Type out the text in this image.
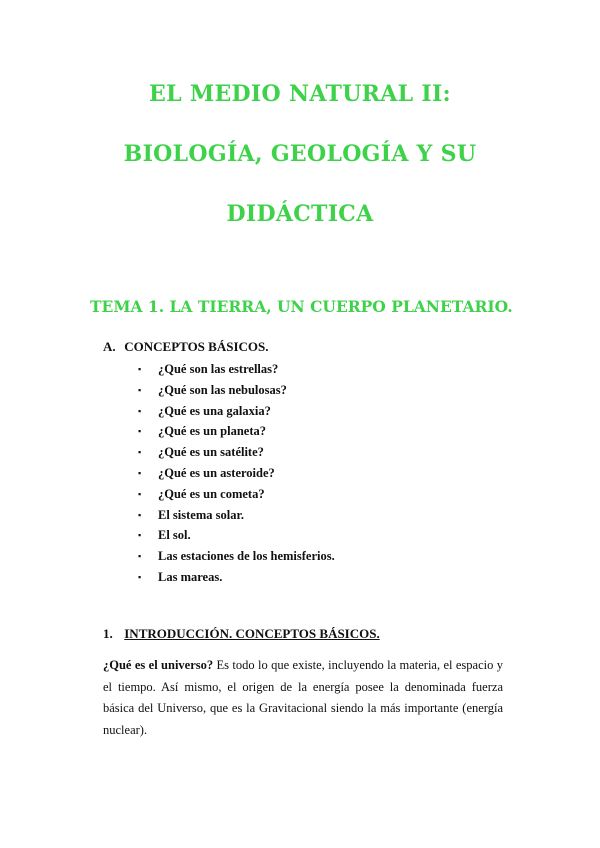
EL MEDIO NATURAL II:

BIOLOGÍA, GEOLOGÍA Y SU

DIDÁCTICA

TEMA 1. LA TIERRA, UN CUERPO PLANETARIO.

A. CONCEPTOS BÁSICOS.

▪ ¿Qué son las estrellas?
▪ ¿Qué son las nebulosas?
▪ ¿Qué es una galaxia?
▪ ¿Qué es un planeta?
▪ ¿Qué es un satélite?
▪ ¿Qué es un asteroide?
▪ ¿Qué es un cometa?
▪ El sistema solar.
▪ El sol.
▪ Las estaciones de los hemisferios.
▪ Las mareas.

1. INTRODUCCIÓN. CONCEPTOS BÁSICOS.

¿Qué es el universo? Es todo lo que existe, incluyendo la materia, el espacio y el tiempo. Así mismo, el origen de la energía posee la denominada fuerza básica del Universo, que es la Gravitacional siendo la más importante (energía nuclear).
